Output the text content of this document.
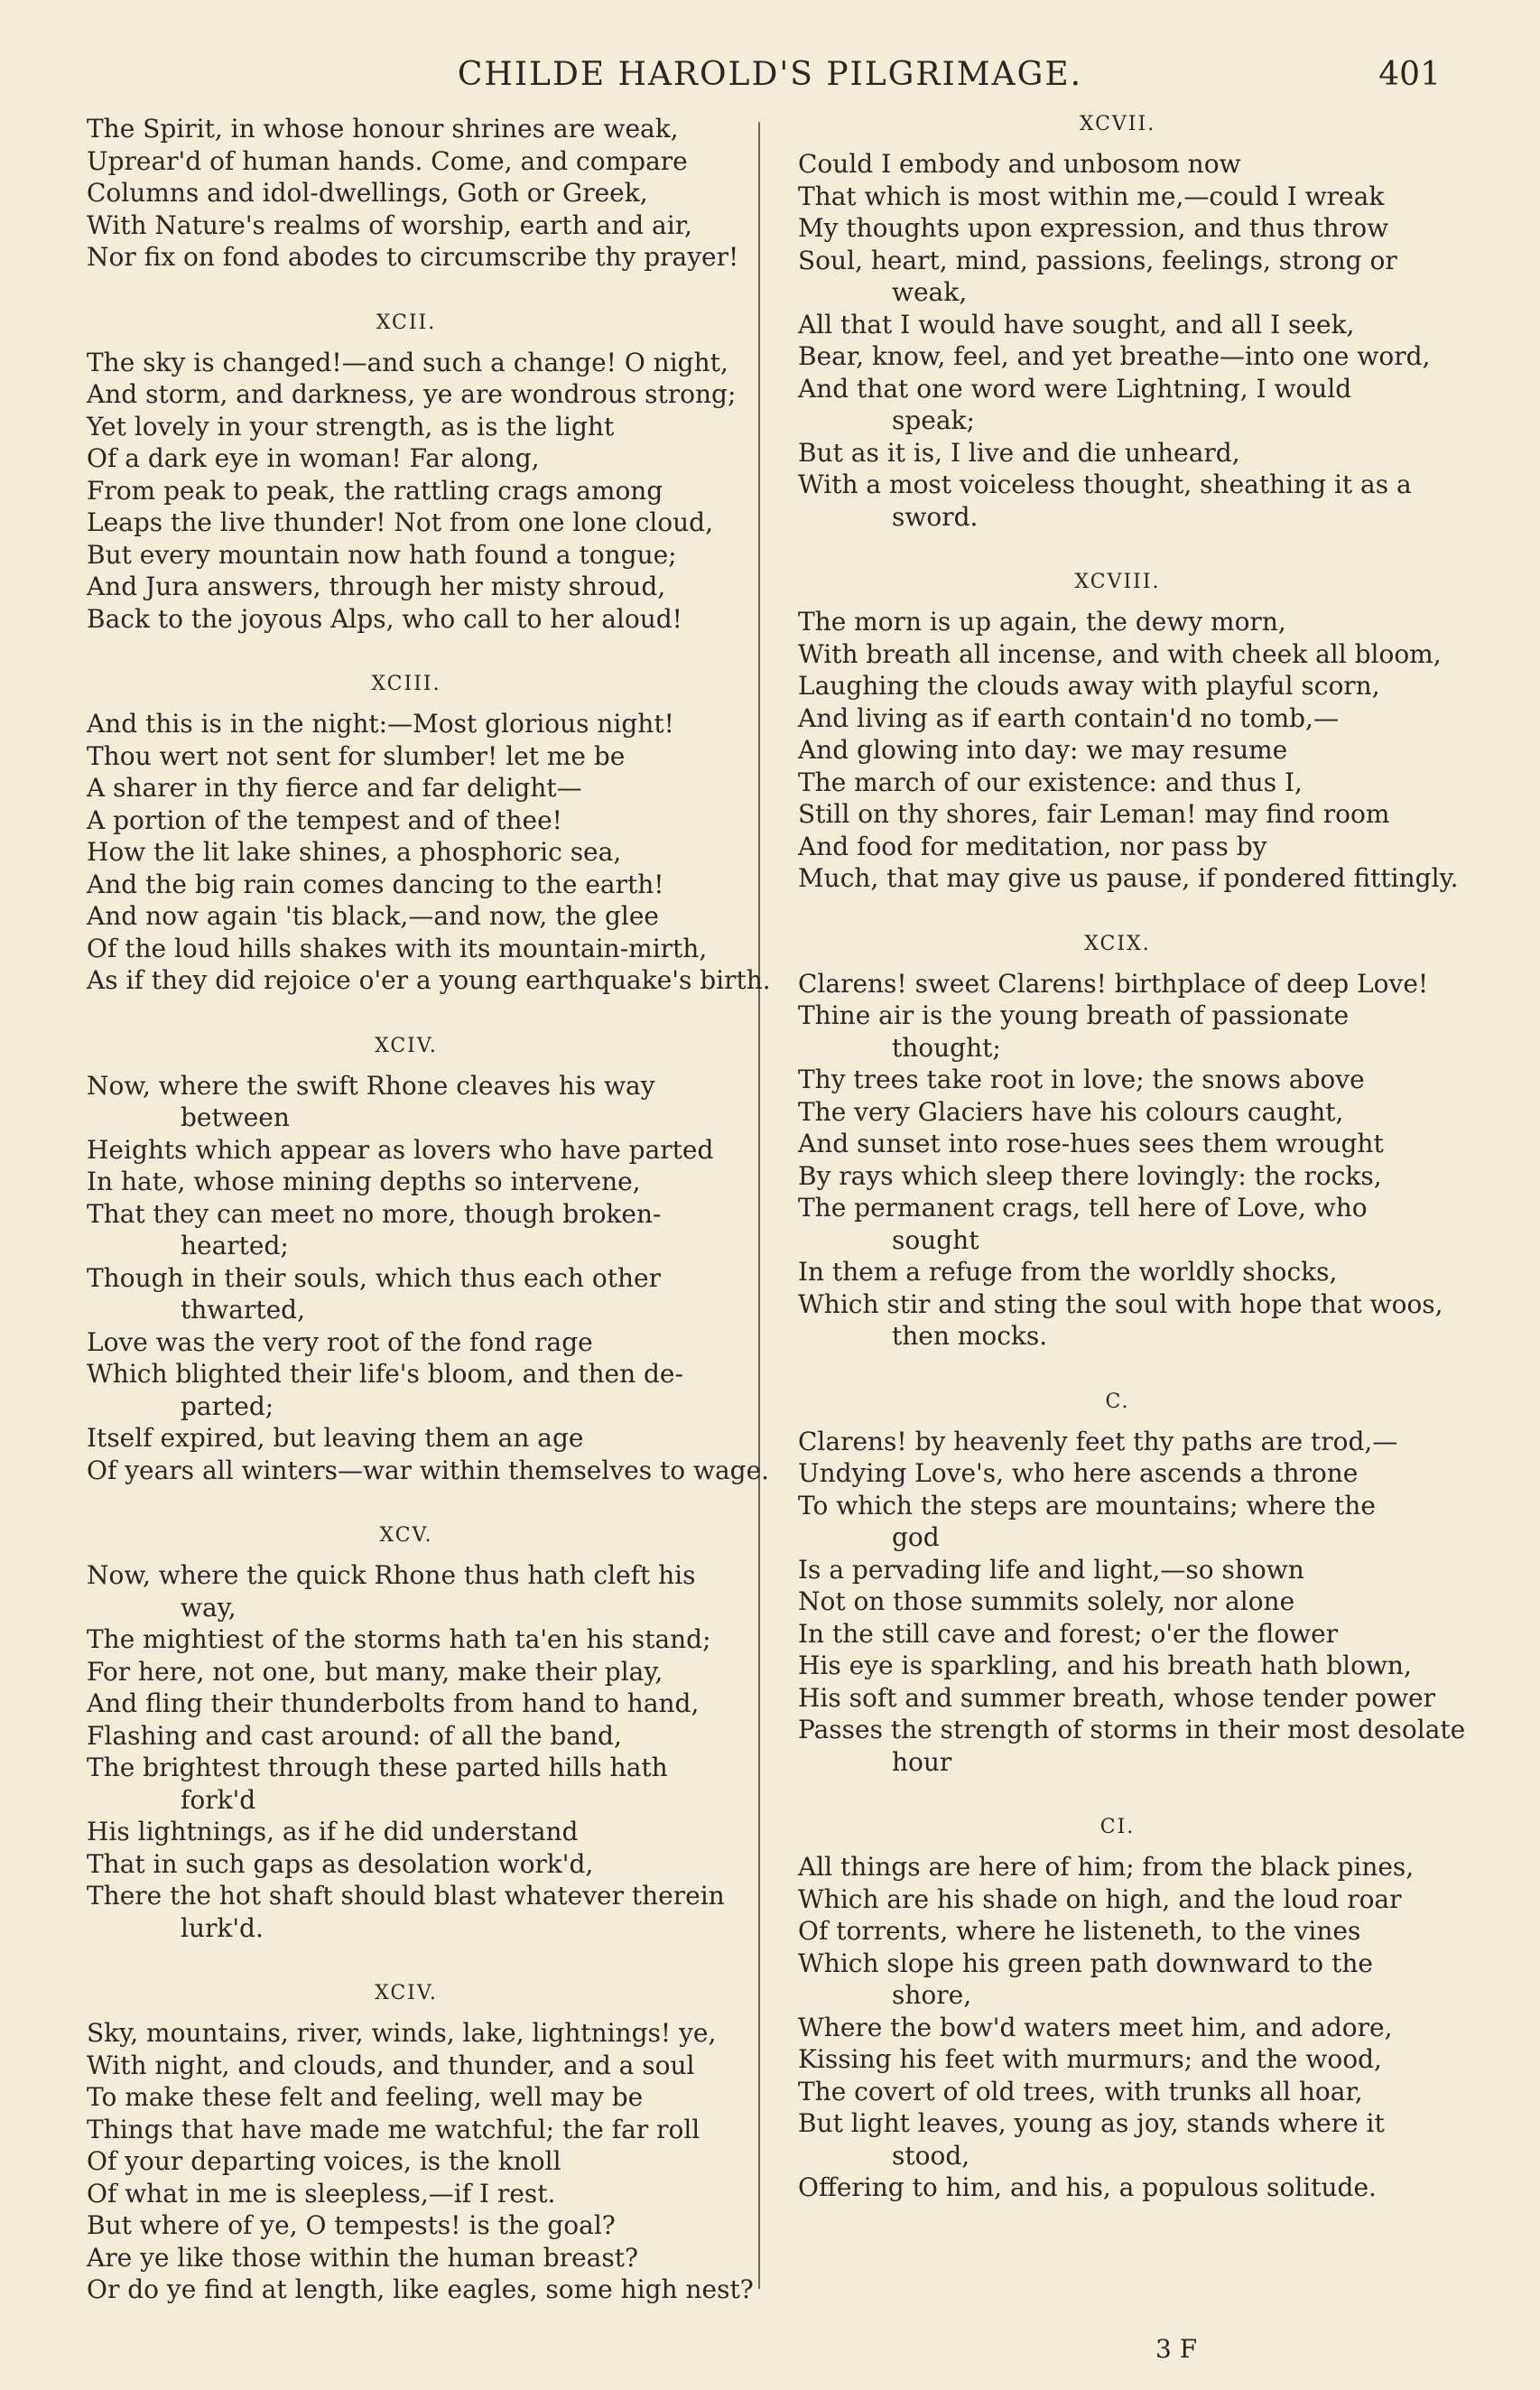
CHILDE HAROLD'S PILGRIMAGE.	401
The Spirit, in whose honour shrines are weak,
Uprear'd of human hands. Come, and compare
Columns and idol-dwellings, Goth or Greek,
With Nature's realms of worship, earth and air,
Nor fix on fond abodes to circumscribe thy prayer!
XCII.
The sky is changed!—and such a change! O night,
And storm, and darkness, ye are wondrous strong;
Yet lovely in your strength, as is the light
Of a dark eye in woman! Far along,
From peak to peak, the rattling crags among
Leaps the live thunder! Not from one lone cloud,
But every mountain now hath found a tongue;
And Jura answers, through her misty shroud,
Back to the joyous Alps, who call to her aloud!
XCIII.
And this is in the night:—Most glorious night!
Thou wert not sent for slumber! let me be
A sharer in thy fierce and far delight—
A portion of the tempest and of thee!
How the lit lake shines, a phosphoric sea,
And the big rain comes dancing to the earth!
And now again 'tis black,—and now, the glee
Of the loud hills shakes with its mountain-mirth,
As if they did rejoice o'er a young earthquake's birth.
XCIV.
Now, where the swift Rhone cleaves his way
between
Heights which appear as lovers who have parted
In hate, whose mining depths so intervene,
That they can meet no more, though broken-
hearted;
Though in their souls, which thus each other
thwarted,
Love was the very root of the fond rage
Which blighted their life's bloom, and then de-
parted;
Itself expired, but leaving them an age
Of years all winters—war within themselves to wage.
XCV.
Now, where the quick Rhone thus hath cleft his
way,
The mightiest of the storms hath ta'en his stand;
For here, not one, but many, make their play,
And fling their thunderbolts from hand to hand,
Flashing and cast around: of all the band,
The brightest through these parted hills hath
fork'd
His lightnings, as if he did understand
That in such gaps as desolation work'd,
There the hot shaft should blast whatever therein
lurk'd.
XCIV.
Sky, mountains, river, winds, lake, lightnings! ye,
With night, and clouds, and thunder, and a soul
To make these felt and feeling, well may be
Things that have made me watchful; the far roll
Of your departing voices, is the knoll
Of what in me is sleepless,—if I rest.
But where of ye, O tempests! is the goal?
Are ye like those within the human breast?
Or do ye find at length, like eagles, some high nest?
XCVII.
Could I embody and unbosom now
That which is most within me,—could I wreak
My thoughts upon expression, and thus throw
Soul, heart, mind, passions, feelings, strong or
weak,
All that I would have sought, and all I seek,
Bear, know, feel, and yet breathe—into one word,
And that one word were Lightning, I would
speak;
But as it is, I live and die unheard,
With a most voiceless thought, sheathing it as a
sword.
XCVIII.
The morn is up again, the dewy morn,
With breath all incense, and with cheek all bloom,
Laughing the clouds away with playful scorn,
And living as if earth contain'd no tomb,—
And glowing into day: we may resume
The march of our existence: and thus I,
Still on thy shores, fair Leman! may find room
And food for meditation, nor pass by
Much, that may give us pause, if pondered fittingly.
XCIX.
Clarens! sweet Clarens! birthplace of deep Love!
Thine air is the young breath of passionate
thought;
Thy trees take root in love; the snows above
The very Glaciers have his colours caught,
And sunset into rose-hues sees them wrought
By rays which sleep there lovingly: the rocks,
The permanent crags, tell here of Love, who
sought
In them a refuge from the worldly shocks,
Which stir and sting the soul with hope that woos,
then mocks.
C.
Clarens! by heavenly feet thy paths are trod,—
Undying Love's, who here ascends a throne
To which the steps are mountains; where the
god
Is a pervading life and light,—so shown
Not on those summits solely, nor alone
In the still cave and forest; o'er the flower
His eye is sparkling, and his breath hath blown,
His soft and summer breath, whose tender power
Passes the strength of storms in their most desolate
hour
CI.
All things are here of him; from the black pines,
Which are his shade on high, and the loud roar
Of torrents, where he listeneth, to the vines
Which slope his green path downward to the
shore,
Where the bow'd waters meet him, and adore,
Kissing his feet with murmurs; and the wood,
The covert of old trees, with trunks all hoar,
But light leaves, young as joy, stands where it
stood,
Offering to him, and his, a populous solitude.
3 F
